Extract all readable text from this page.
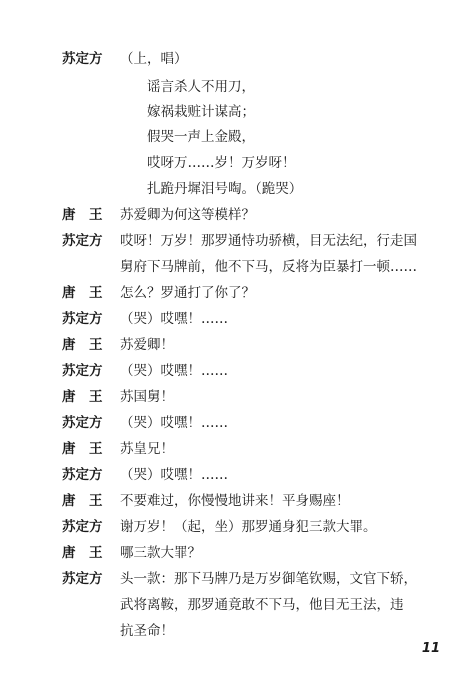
苏定方 （上，唱）
谣言杀人不用刀，
嫁祸栽赃计谋高；
假哭一声上金殿，
哎呀万……岁！万岁呀！
扎跪丹墀泪号啕。（跪哭）
唐　王 苏爱卿为何这等模样？
苏定方 哎呀！万岁！那罗通恃功骄横，目无法纪，行走国
舅府下马牌前，他不下马，反将为臣暴打一顿……
唐　王 怎么？罗通打了你了？
苏定方 （哭）哎嘿！……
唐　王 苏爱卿！
苏定方 （哭）哎嘿！……
唐　王 苏国舅！
苏定方 （哭）哎嘿！……
唐　王 苏皇兄！
苏定方 （哭）哎嘿！……
唐　王 不要难过，你慢慢地讲来！平身赐座！
苏定方 谢万岁！（起，坐）那罗通身犯三款大罪。
唐　王 哪三款大罪？
苏定方 头一款：那下马牌乃是万岁御笔钦赐，文官下轿，
武将离鞍，那罗通竟敢不下马，他目无王法，违
抗圣命！
11
